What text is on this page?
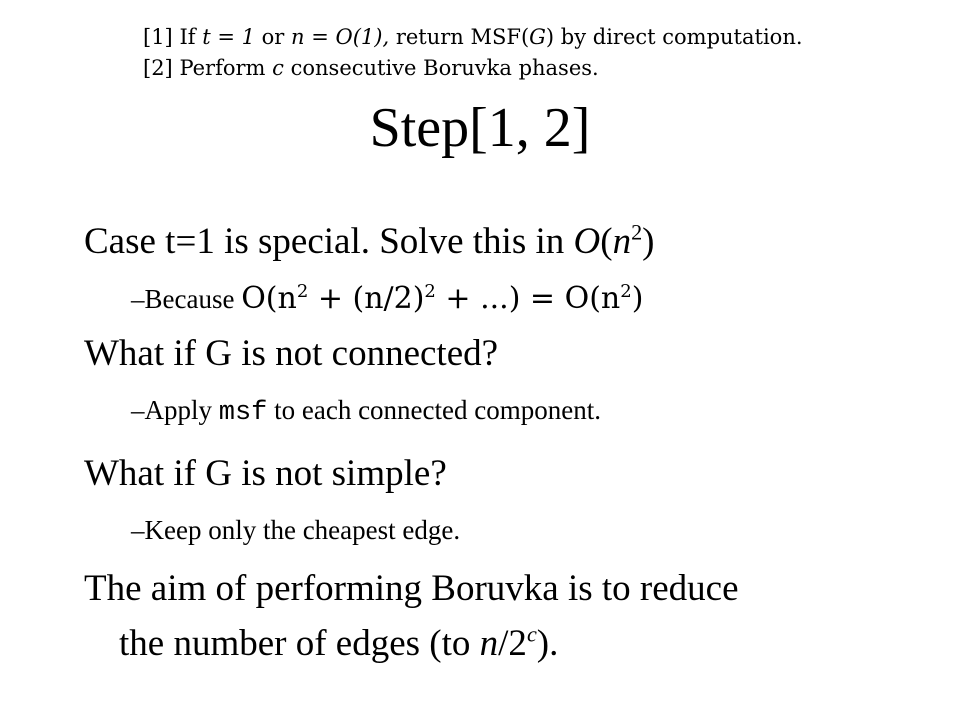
[1] If t = 1 or n = O(1), return MSF(G) by direct computation.
[2] Perform c consecutive Boruvka phases.
Step[1, 2]
Case t=1 is special. Solve this in $O(n^2)$
–Because $O(n^2 + (n/2)^2$ + ...) = $O(n^2)$
What if G is not connected?
–Apply msf to each connected component.
What if G is not simple?
–Keep only the cheapest edge.
The aim of performing Boruvka is to reduce
the number of edges (to n/2$^c$).
